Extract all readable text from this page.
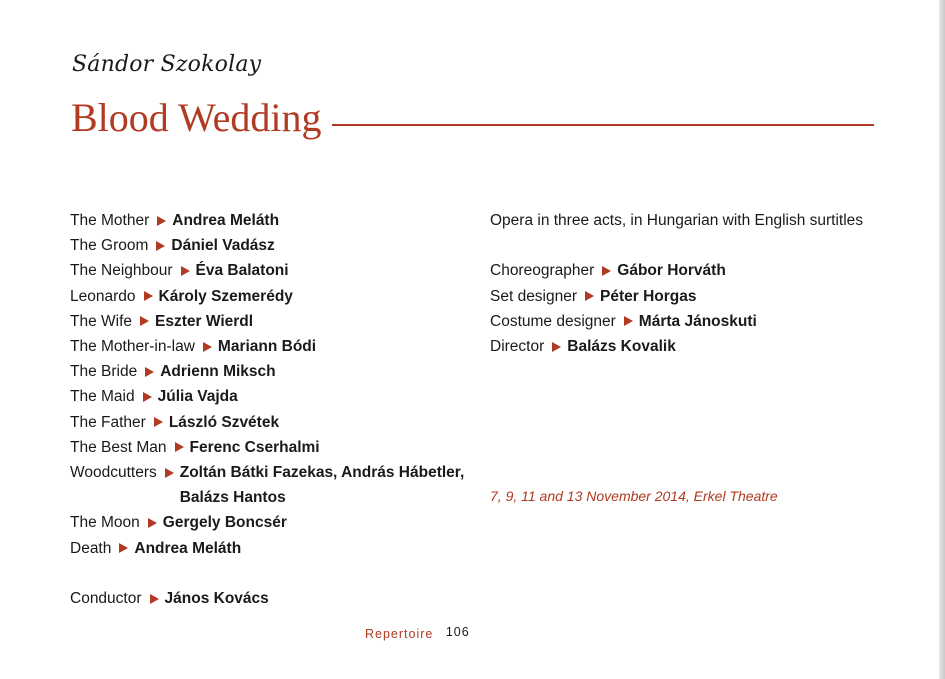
Sándor Szokolay
Blood Wedding
The Mother Andrea Meláth
The Groom Dániel Vadász
The Neighbour Éva Balatoni
Leonardo Károly Szemerédy
The Wife Eszter Wierdl
The Mother-in-law Mariann Bódi
The Bride Adrienn Miksch
The Maid Júlia Vajda
The Father László Szvétek
The Best Man Ferenc Cserhalmi
Woodcutters Zoltán Bátki Fazekas, András Hábetler,
Balázs Hantos
The Moon Gergely Boncsér
Death Andrea Meláth
Conductor János Kovács
Opera in three acts, in Hungarian with English surtitles
Choreographer Gábor Horváth
Set designer Péter Horgas
Costume designer Márta Jánoskuti
Director Balázs Kovalik
7, 9, 11 and 13 November 2014, Erkel Theatre
Repertoire 106
